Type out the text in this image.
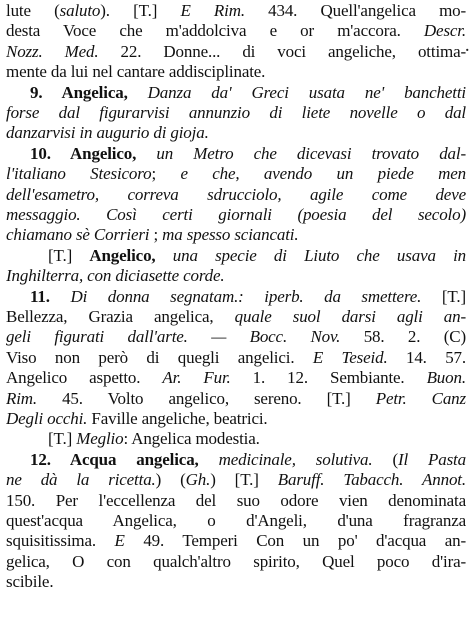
lute (saluto). [T.] E Rim. 434. Quell'angelica mo-
desta Voce che m'addolciva e or m'accora. Descr.
Nozz. Med. 22. Donne... di voci angeliche, ottima-
mente da lui nel cantare addisciplinate.
9. Angelica, Danza da' Greci usata ne' banchetti
forse dal figurarvisi annunzio di liete novelle o dal
danzarvisi in augurio di gioja.
10. Angelico, un Metro che dicevasi trovato dal-
l'italiano Stesicoro; e che, avendo un piede men
dell'esametro, correva sdrucciolo, agile come deve
messaggio. Così certi giornali (poesia del secolo)
chiamano sè Corrieri ; ma spesso sciancati.
[T.] Angelico, una specie di Liuto che usava in
Inghilterra, con diciasette corde.
11. Di donna segnatam.: iperb. da smettere. [T.]
Bellezza, Grazia angelica, quale suol darsi agli an-
geli figurati dall'arte. — Bocc. Nov. 58. 2. (C)
Viso non però di quegli angelici. E Teseid. 14. 57.
Angelico aspetto. Ar. Fur. 1. 12. Sembiante. Buon.
Rim. 45. Volto angelico, sereno. [T.] Petr. Canz
Degli occhi. Faville angeliche, beatrici.
[T.] Meglio: Angelica modestia.
12. Acqua angelica, medicinale, solutiva. (Il Pasta
ne dà la ricetta.) (Gh.) [T.] Baruff. Tabacch. Annot.
150. Per l'eccellenza del suo odore vien denominata
quest'acqua Angelica, o d'Angeli, d'una fragranza
squisitissima. E 49. Temperi Con un po' d'acqua an-
gelica, O con qualch'altro spirito, Quel poco d'ira-
scibile.
.
